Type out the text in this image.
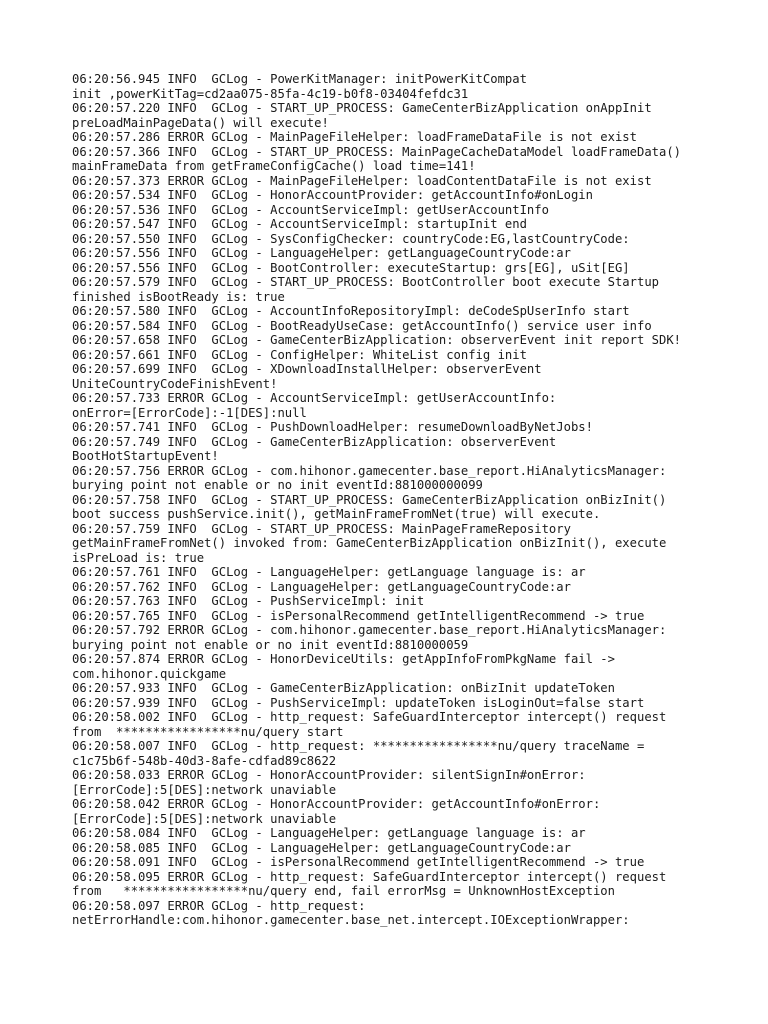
06:20:56.945 INFO  GCLog - PowerKitManager: initPowerKitCompat
init ,powerKitTag=cd2aa075-85fa-4c19-b0f8-03404fefdc31
06:20:57.220 INFO  GCLog - START_UP_PROCESS: GameCenterBizApplication onAppInit
preLoadMainPageData() will execute!
06:20:57.286 ERROR GCLog - MainPageFileHelper: loadFrameDataFile is not exist
06:20:57.366 INFO  GCLog - START_UP_PROCESS: MainPageCacheDataModel loadFrameData()
mainFrameData from getFrameConfigCache() load time=141!
06:20:57.373 ERROR GCLog - MainPageFileHelper: loadContentDataFile is not exist
06:20:57.534 INFO  GCLog - HonorAccountProvider: getAccountInfo#onLogin
06:20:57.536 INFO  GCLog - AccountServiceImpl: getUserAccountInfo
06:20:57.547 INFO  GCLog - AccountServiceImpl: startupInit end
06:20:57.550 INFO  GCLog - SysConfigChecker: countryCode:EG,lastCountryCode:
06:20:57.556 INFO  GCLog - LanguageHelper: getLanguageCountryCode:ar
06:20:57.556 INFO  GCLog - BootController: executeStartup: grs[EG], uSit[EG]
06:20:57.579 INFO  GCLog - START_UP_PROCESS: BootController boot execute Startup
finished isBootReady is: true
06:20:57.580 INFO  GCLog - AccountInfoRepositoryImpl: deCodeSpUserInfo start
06:20:57.584 INFO  GCLog - BootReadyUseCase: getAccountInfo() service user info
06:20:57.658 INFO  GCLog - GameCenterBizApplication: observerEvent init report SDK!
06:20:57.661 INFO  GCLog - ConfigHelper: WhiteList config init
06:20:57.699 INFO  GCLog - XDownloadInstallHelper: observerEvent
UniteCountryCodeFinishEvent!
06:20:57.733 ERROR GCLog - AccountServiceImpl: getUserAccountInfo:
onError=[ErrorCode]:-1[DES]:null
06:20:57.741 INFO  GCLog - PushDownloadHelper: resumeDownloadByNetJobs!
06:20:57.749 INFO  GCLog - GameCenterBizApplication: observerEvent
BootHotStartupEvent!
06:20:57.756 ERROR GCLog - com.hihonor.gamecenter.base_report.HiAnalyticsManager:
burying point not enable or no init eventId:881000000099
06:20:57.758 INFO  GCLog - START_UP_PROCESS: GameCenterBizApplication onBizInit()
boot success pushService.init(), getMainFrameFromNet(true) will execute.
06:20:57.759 INFO  GCLog - START_UP_PROCESS: MainPageFrameRepository
getMainFrameFromNet() invoked from: GameCenterBizApplication onBizInit(), execute
isPreLoad is: true
06:20:57.761 INFO  GCLog - LanguageHelper: getLanguage language is: ar
06:20:57.762 INFO  GCLog - LanguageHelper: getLanguageCountryCode:ar
06:20:57.763 INFO  GCLog - PushServiceImpl: init
06:20:57.765 INFO  GCLog - isPersonalRecommend getIntelligentRecommend -> true
06:20:57.792 ERROR GCLog - com.hihonor.gamecenter.base_report.HiAnalyticsManager:
burying point not enable or no init eventId:8810000059
06:20:57.874 ERROR GCLog - HonorDeviceUtils: getAppInfoFromPkgName fail ->
com.hihonor.quickgame
06:20:57.933 INFO  GCLog - GameCenterBizApplication: onBizInit updateToken
06:20:57.939 INFO  GCLog - PushServiceImpl: updateToken isLoginOut=false start
06:20:58.002 INFO  GCLog - http_request: SafeGuardInterceptor intercept() request
from  *****************nu/query start
06:20:58.007 INFO  GCLog - http_request: *****************nu/query traceName =
c1c75b6f-548b-40d3-8afe-cdfad89c8622
06:20:58.033 ERROR GCLog - HonorAccountProvider: silentSignIn#onError:
[ErrorCode]:5[DES]:network unaviable
06:20:58.042 ERROR GCLog - HonorAccountProvider: getAccountInfo#onError:
[ErrorCode]:5[DES]:network unaviable
06:20:58.084 INFO  GCLog - LanguageHelper: getLanguage language is: ar
06:20:58.085 INFO  GCLog - LanguageHelper: getLanguageCountryCode:ar
06:20:58.091 INFO  GCLog - isPersonalRecommend getIntelligentRecommend -> true
06:20:58.095 ERROR GCLog - http_request: SafeGuardInterceptor intercept() request
from   *****************nu/query end, fail errorMsg = UnknownHostException
06:20:58.097 ERROR GCLog - http_request:
netErrorHandle:com.hihonor.gamecenter.base_net.intercept.IOExceptionWrapper:
